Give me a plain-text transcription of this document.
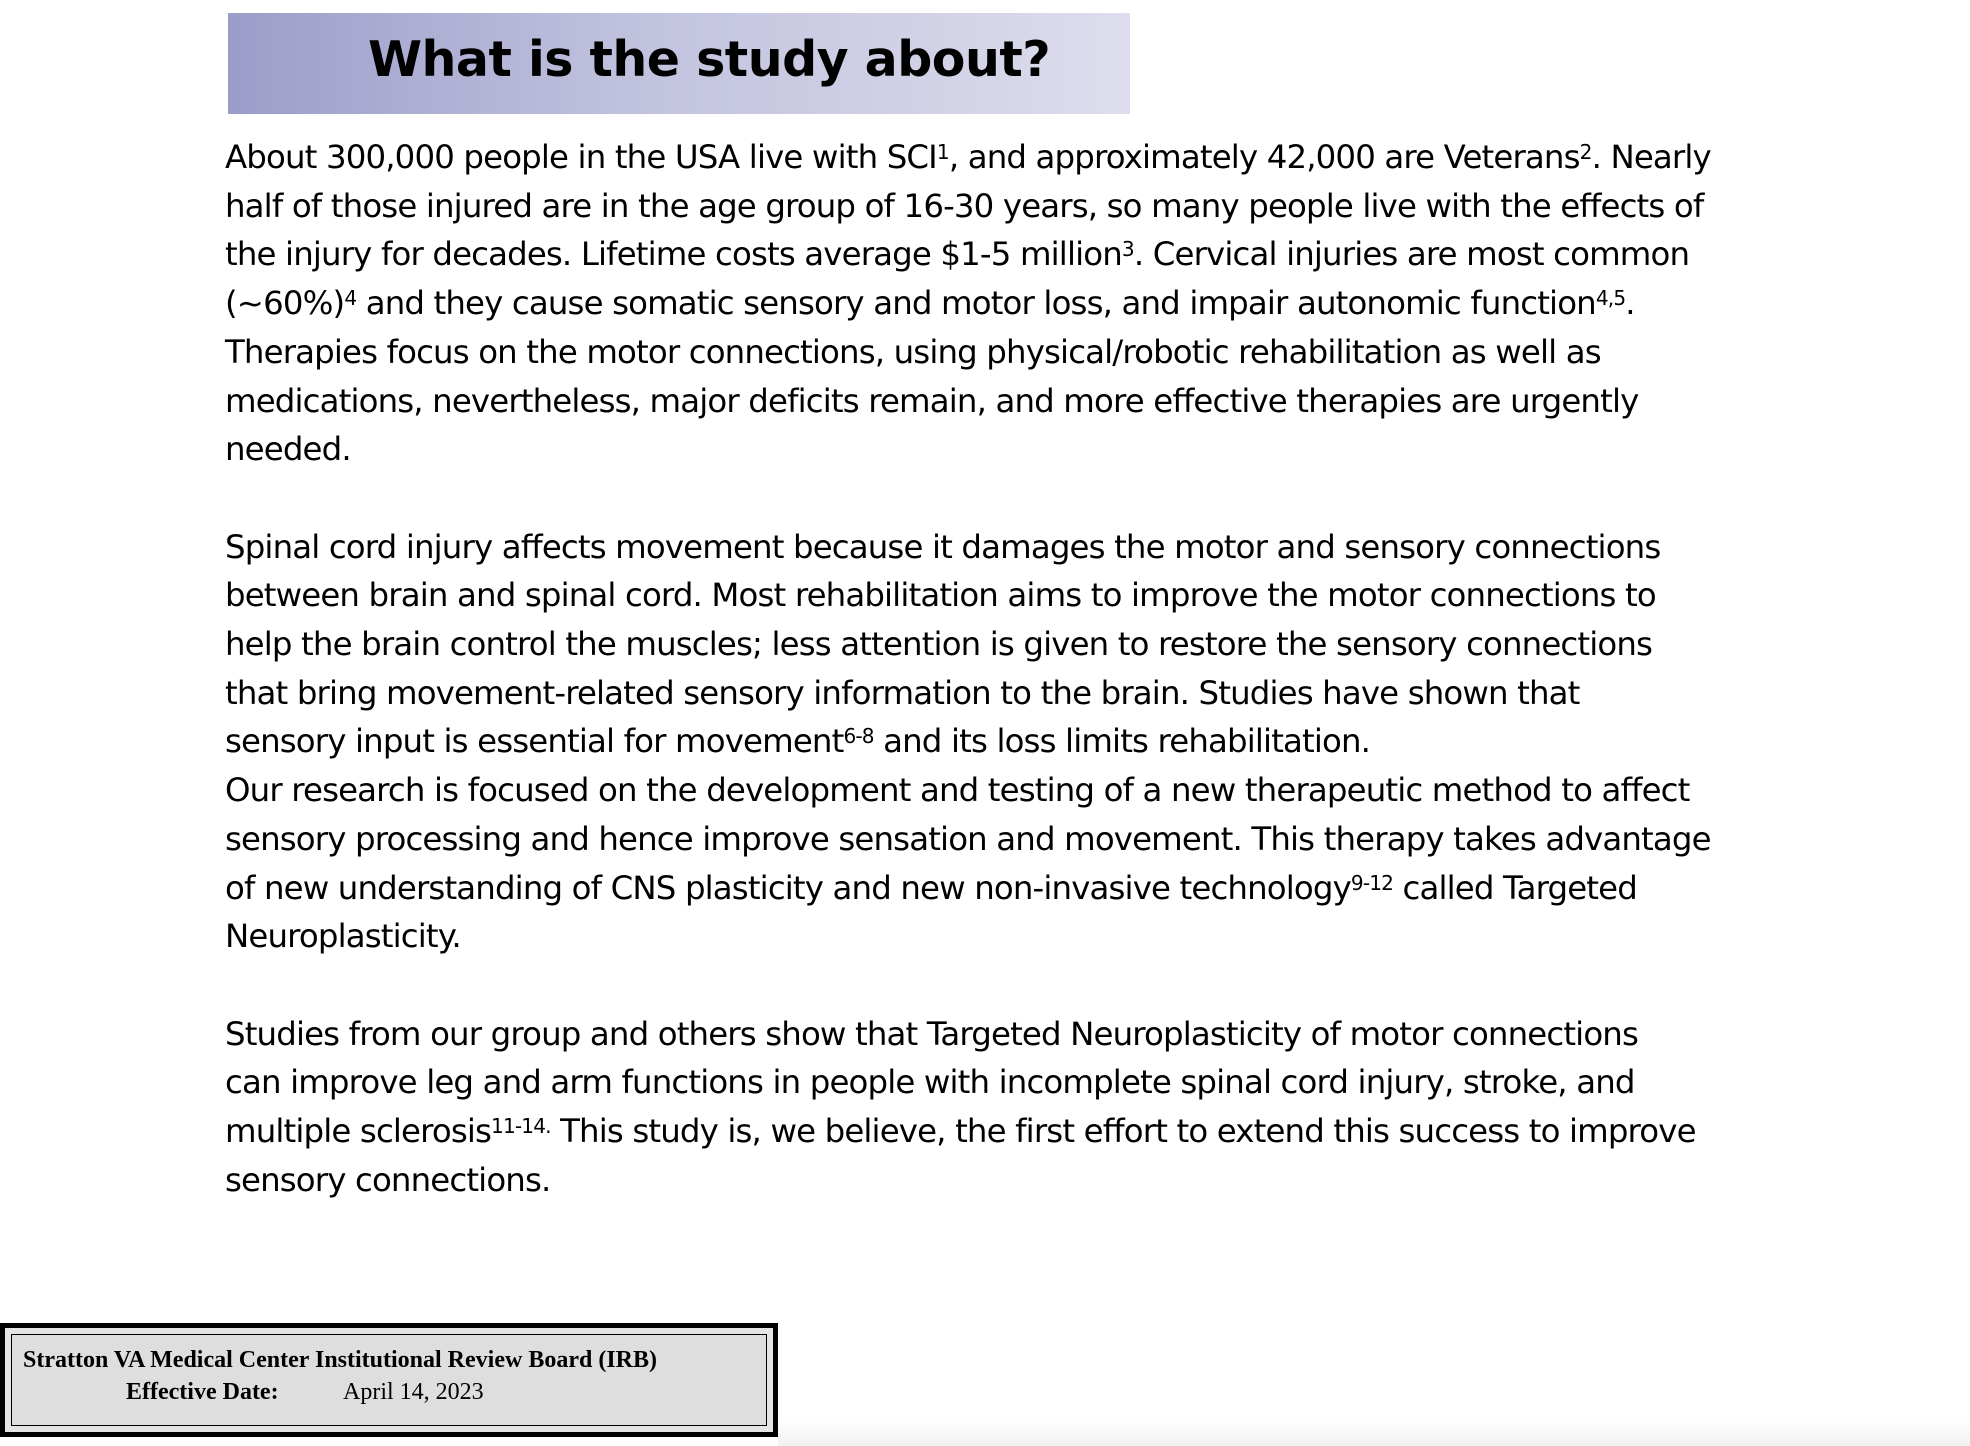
What is the study about?
About 300,000 people in the USA live with SCI$^1$, and approximately 42,000 are Veterans$^2$. Nearly
half of those injured are in the age group of 16-30 years, so many people live with the effects of
the injury for decades. Lifetime costs average $1-5 million$^3$. Cervical injuries are most common
(~60%)$^4$ and they cause somatic sensory and motor loss, and impair autonomic function$^{4,5}$.
Therapies focus on the motor connections, using physical/robotic rehabilitation as well as
medications, nevertheless, major deficits remain, and more effective therapies are urgently
needed.
Spinal cord injury affects movement because it damages the motor and sensory connections
between brain and spinal cord. Most rehabilitation aims to improve the motor connections to
help the brain control the muscles; less attention is given to restore the sensory connections
that bring movement-related sensory information to the brain. Studies have shown that
sensory input is essential for movement$^{6-8}$ and its loss limits rehabilitation.
Our research is focused on the development and testing of a new therapeutic method to affect
sensory processing and hence improve sensation and movement. This therapy takes advantage
of new understanding of CNS plasticity and new non-invasive technology$^{9-12}$ called Targeted
Neuroplasticity.
Studies from our group and others show that Targeted Neuroplasticity of motor connections
can improve leg and arm functions in people with incomplete spinal cord injury, stroke, and
multiple sclerosis$^{11-14.}$ This study is, we believe, the first effort to extend this success to improve
sensory connections.
Stratton VA Medical Center Institutional Review Board (IRB)
Effective Date:	April 14, 2023
